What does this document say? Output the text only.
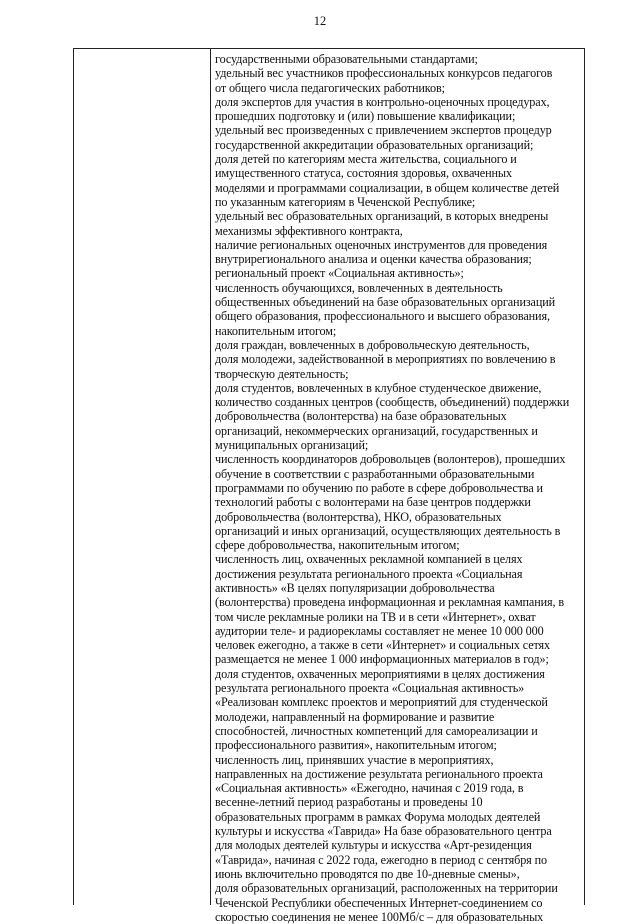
12
государственными образовательными стандартами;
удельный вес участников профессиональных конкурсов педагогов
от общего числа педагогических работников;
доля экспертов для участия в контрольно-оценочных процедурах,
прошедших подготовку и (или) повышение квалификации;
удельный вес произведенных с привлечением экспертов процедур
государственной аккредитации образовательных организаций;
доля детей по категориям места жительства, социального и
имущественного статуса, состояния здоровья, охваченных
моделями и программами социализации, в общем количестве детей
по указанным категориям в Чеченской Республике;
удельный вес образовательных организаций, в которых внедрены
механизмы эффективного контракта,
наличие региональных оценочных инструментов для проведения
внутрирегионального анализа и оценки качества образования;
региональный проект «Социальная активность»;
численность обучающихся, вовлеченных в деятельность
общественных объединений на базе образовательных организаций
общего образования, профессионального и высшего образования,
накопительным итогом;
доля граждан, вовлеченных в добровольческую деятельность,
доля молодежи, задействованной в мероприятиях по вовлечению в
творческую деятельность;
доля студентов, вовлеченных в клубное студенческое движение,
количество созданных центров (сообществ, объединений) поддержки
добровольчества (волонтерства) на базе образовательных
организаций, некоммерческих организаций, государственных и
муниципальных организаций;
численность координаторов добровольцев (волонтеров), прошедших
обучение в соответствии с разработанными образовательными
программами по обучению по работе в сфере добровольчества и
технологий работы с волонтерами на базе центров поддержки
добровольчества (волонтерства), НКО, образовательных
организаций и иных организаций, осуществляющих деятельность в
сфере добровольчества, накопительным итогом;
численность лиц, охваченных рекламной компанией в целях
достижения результата регионального проекта «Социальная
активность» «В целях популяризации добровольчества
(волонтерства) проведена информационная и рекламная кампания, в
том числе рекламные ролики на ТВ и в сети «Интернет», охват
аудитории теле- и радиорекламы составляет не менее 10 000 000
человек ежегодно, а также в сети «Интернет» и социальных сетях
размещается не менее 1 000 информационных материалов в год»;
доля студентов, охваченных мероприятиями в целях достижения
результата регионального проекта «Социальная активность»
«Реализован комплекс проектов и мероприятий для студенческой
молодежи, направленный на формирование и развитие
способностей, личностных компетенций для самореализации и
профессионального развития», накопительным итогом;
численность лиц, принявших участие в мероприятиях,
направленных на достижение результата регионального проекта
«Социальная активность» «Ежегодно, начиная с 2019 года, в
весенне-летний период разработаны и проведены 10
образовательных программ в рамках Форума молодых деятелей
культуры и искусства «Таврида» На базе образовательного центра
для молодых деятелей культуры и искусства «Арт-резиденция
«Таврида», начиная с 2022 года, ежегодно в период с сентября по
июнь включительно проводятся по две 10-дневные смены»,
доля образовательных организаций, расположенных на территории
Чеченской Республики обеспеченных Интернет-соединением со
скоростью соединения не менее 100Мб/с – для образовательных
